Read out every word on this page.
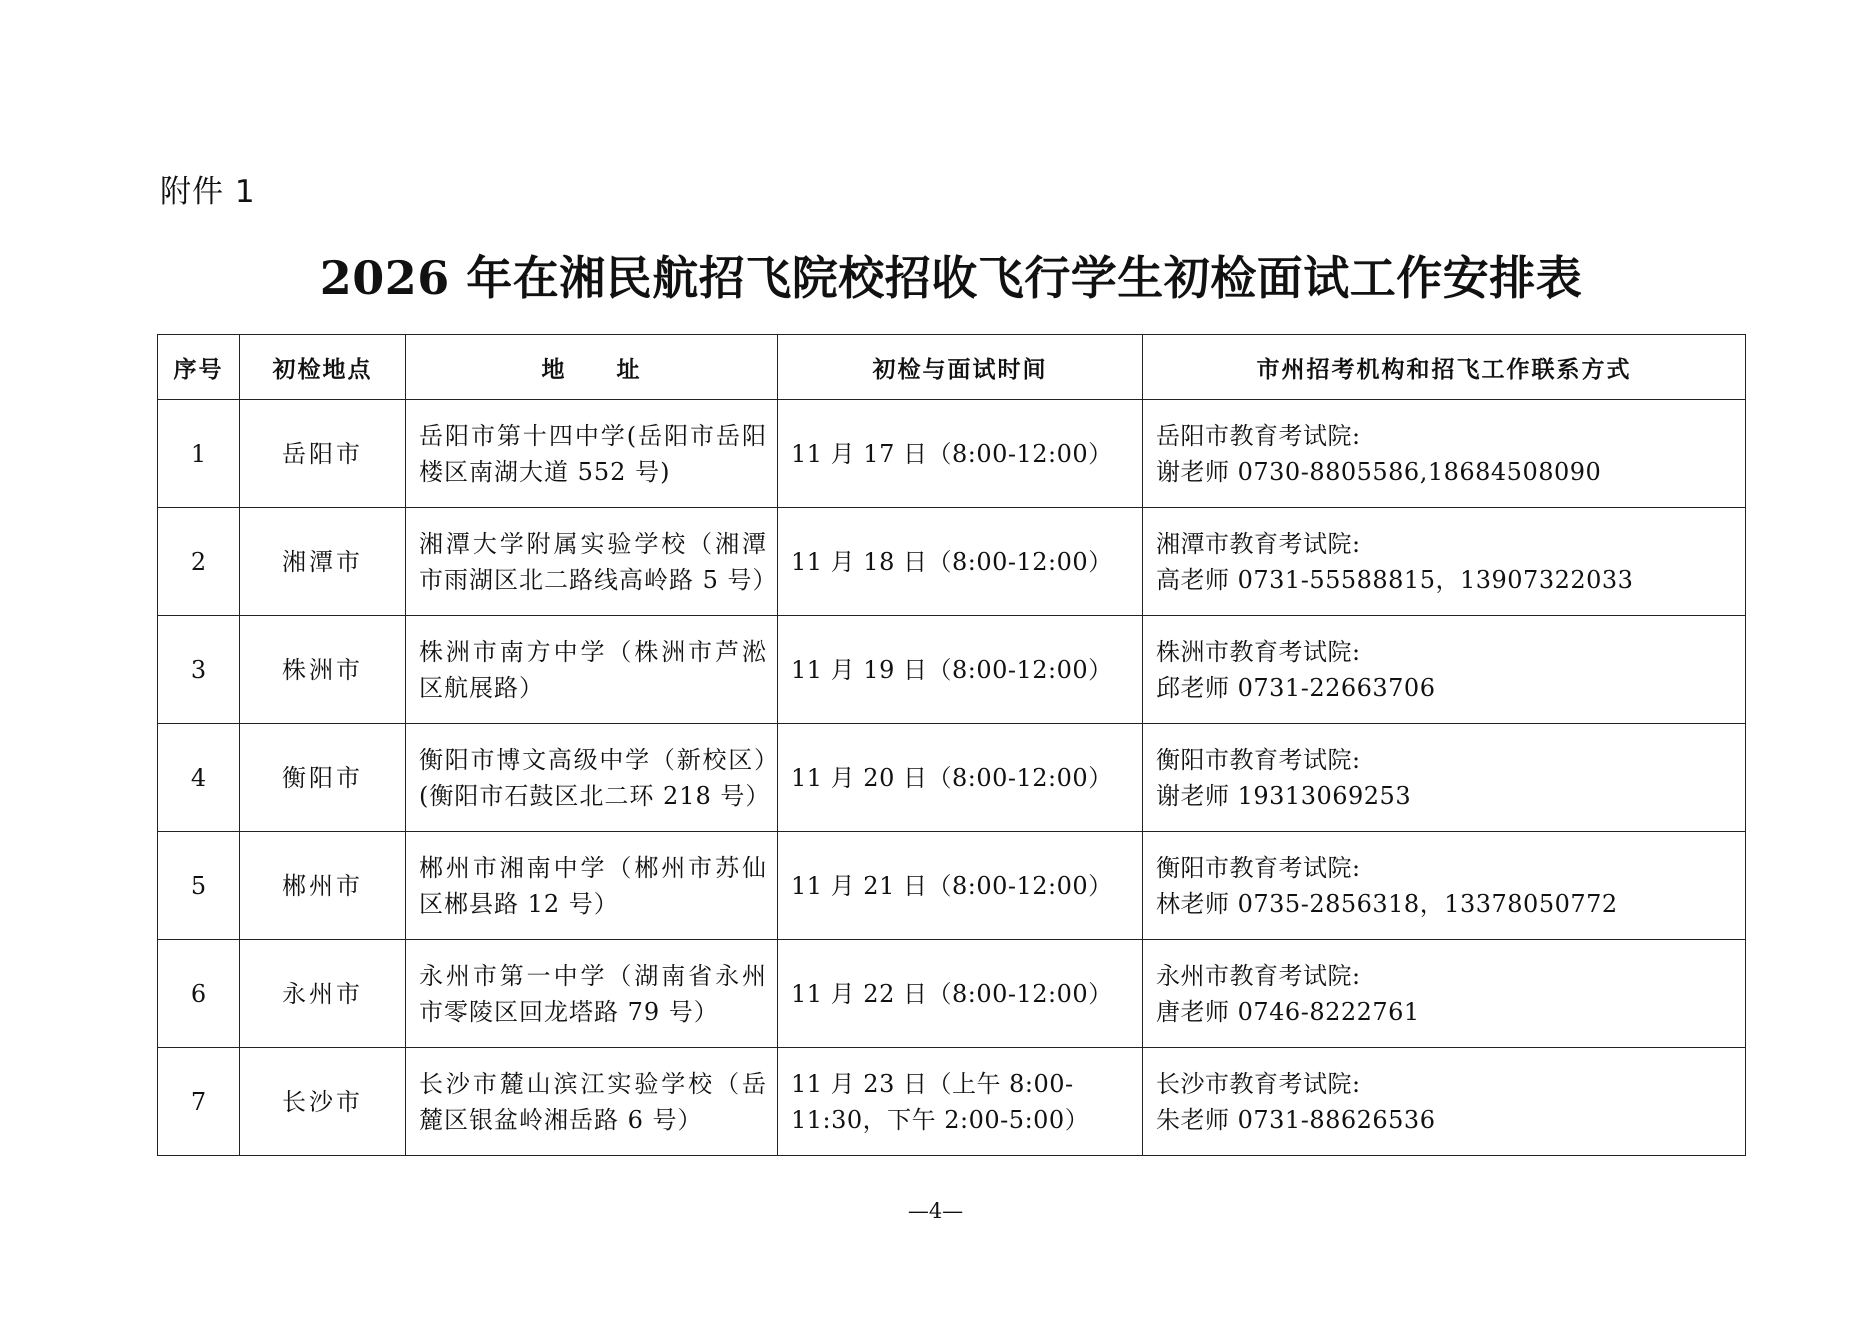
附件 1
2026 年在湘民航招飞院校招收飞行学生初检面试工作安排表
序号	初检地点	地　　址	初检与面试时间	市州招考机构和招飞工作联系方式
1	岳阳市	岳阳市第十四中学(岳阳市岳阳楼区南湖大道 552 号)	11 月 17 日（8:00-12:00）	岳阳市教育考试院:
谢老师 0730-8805586,18684508090

2	湘潭市	湘潭大学附属实验学校（湘潭市雨湖区北二路线高岭路 5 号）	11 月 18 日（8:00-12:00）	湘潭市教育考试院:
高老师 0731-55588815，13907322033

3	株洲市	株洲市南方中学（株洲市芦淞区航展路）	11 月 19 日（8:00-12:00）	株洲市教育考试院:
邱老师 0731-22663706

4	衡阳市	衡阳市博文高级中学（新校区）(衡阳市石鼓区北二环 218 号）	11 月 20 日（8:00-12:00）	衡阳市教育考试院:
谢老师 19313069253

5	郴州市	郴州市湘南中学（郴州市苏仙区郴县路 12 号）	11 月 21 日（8:00-12:00）	衡阳市教育考试院:
林老师 0735-2856318，13378050772

6	永州市	永州市第一中学（湖南省永州市零陵区回龙塔路 79 号）	11 月 22 日（8:00-12:00）	永州市教育考试院:
唐老师 0746-8222761

7	长沙市	长沙市麓山滨江实验学校（岳麓区银盆岭湘岳路 6 号）	11 月 23 日（上午 8:00-11:30，下午 2:00-5:00）	长沙市教育考试院:
朱老师 0731-88626536
—4—
